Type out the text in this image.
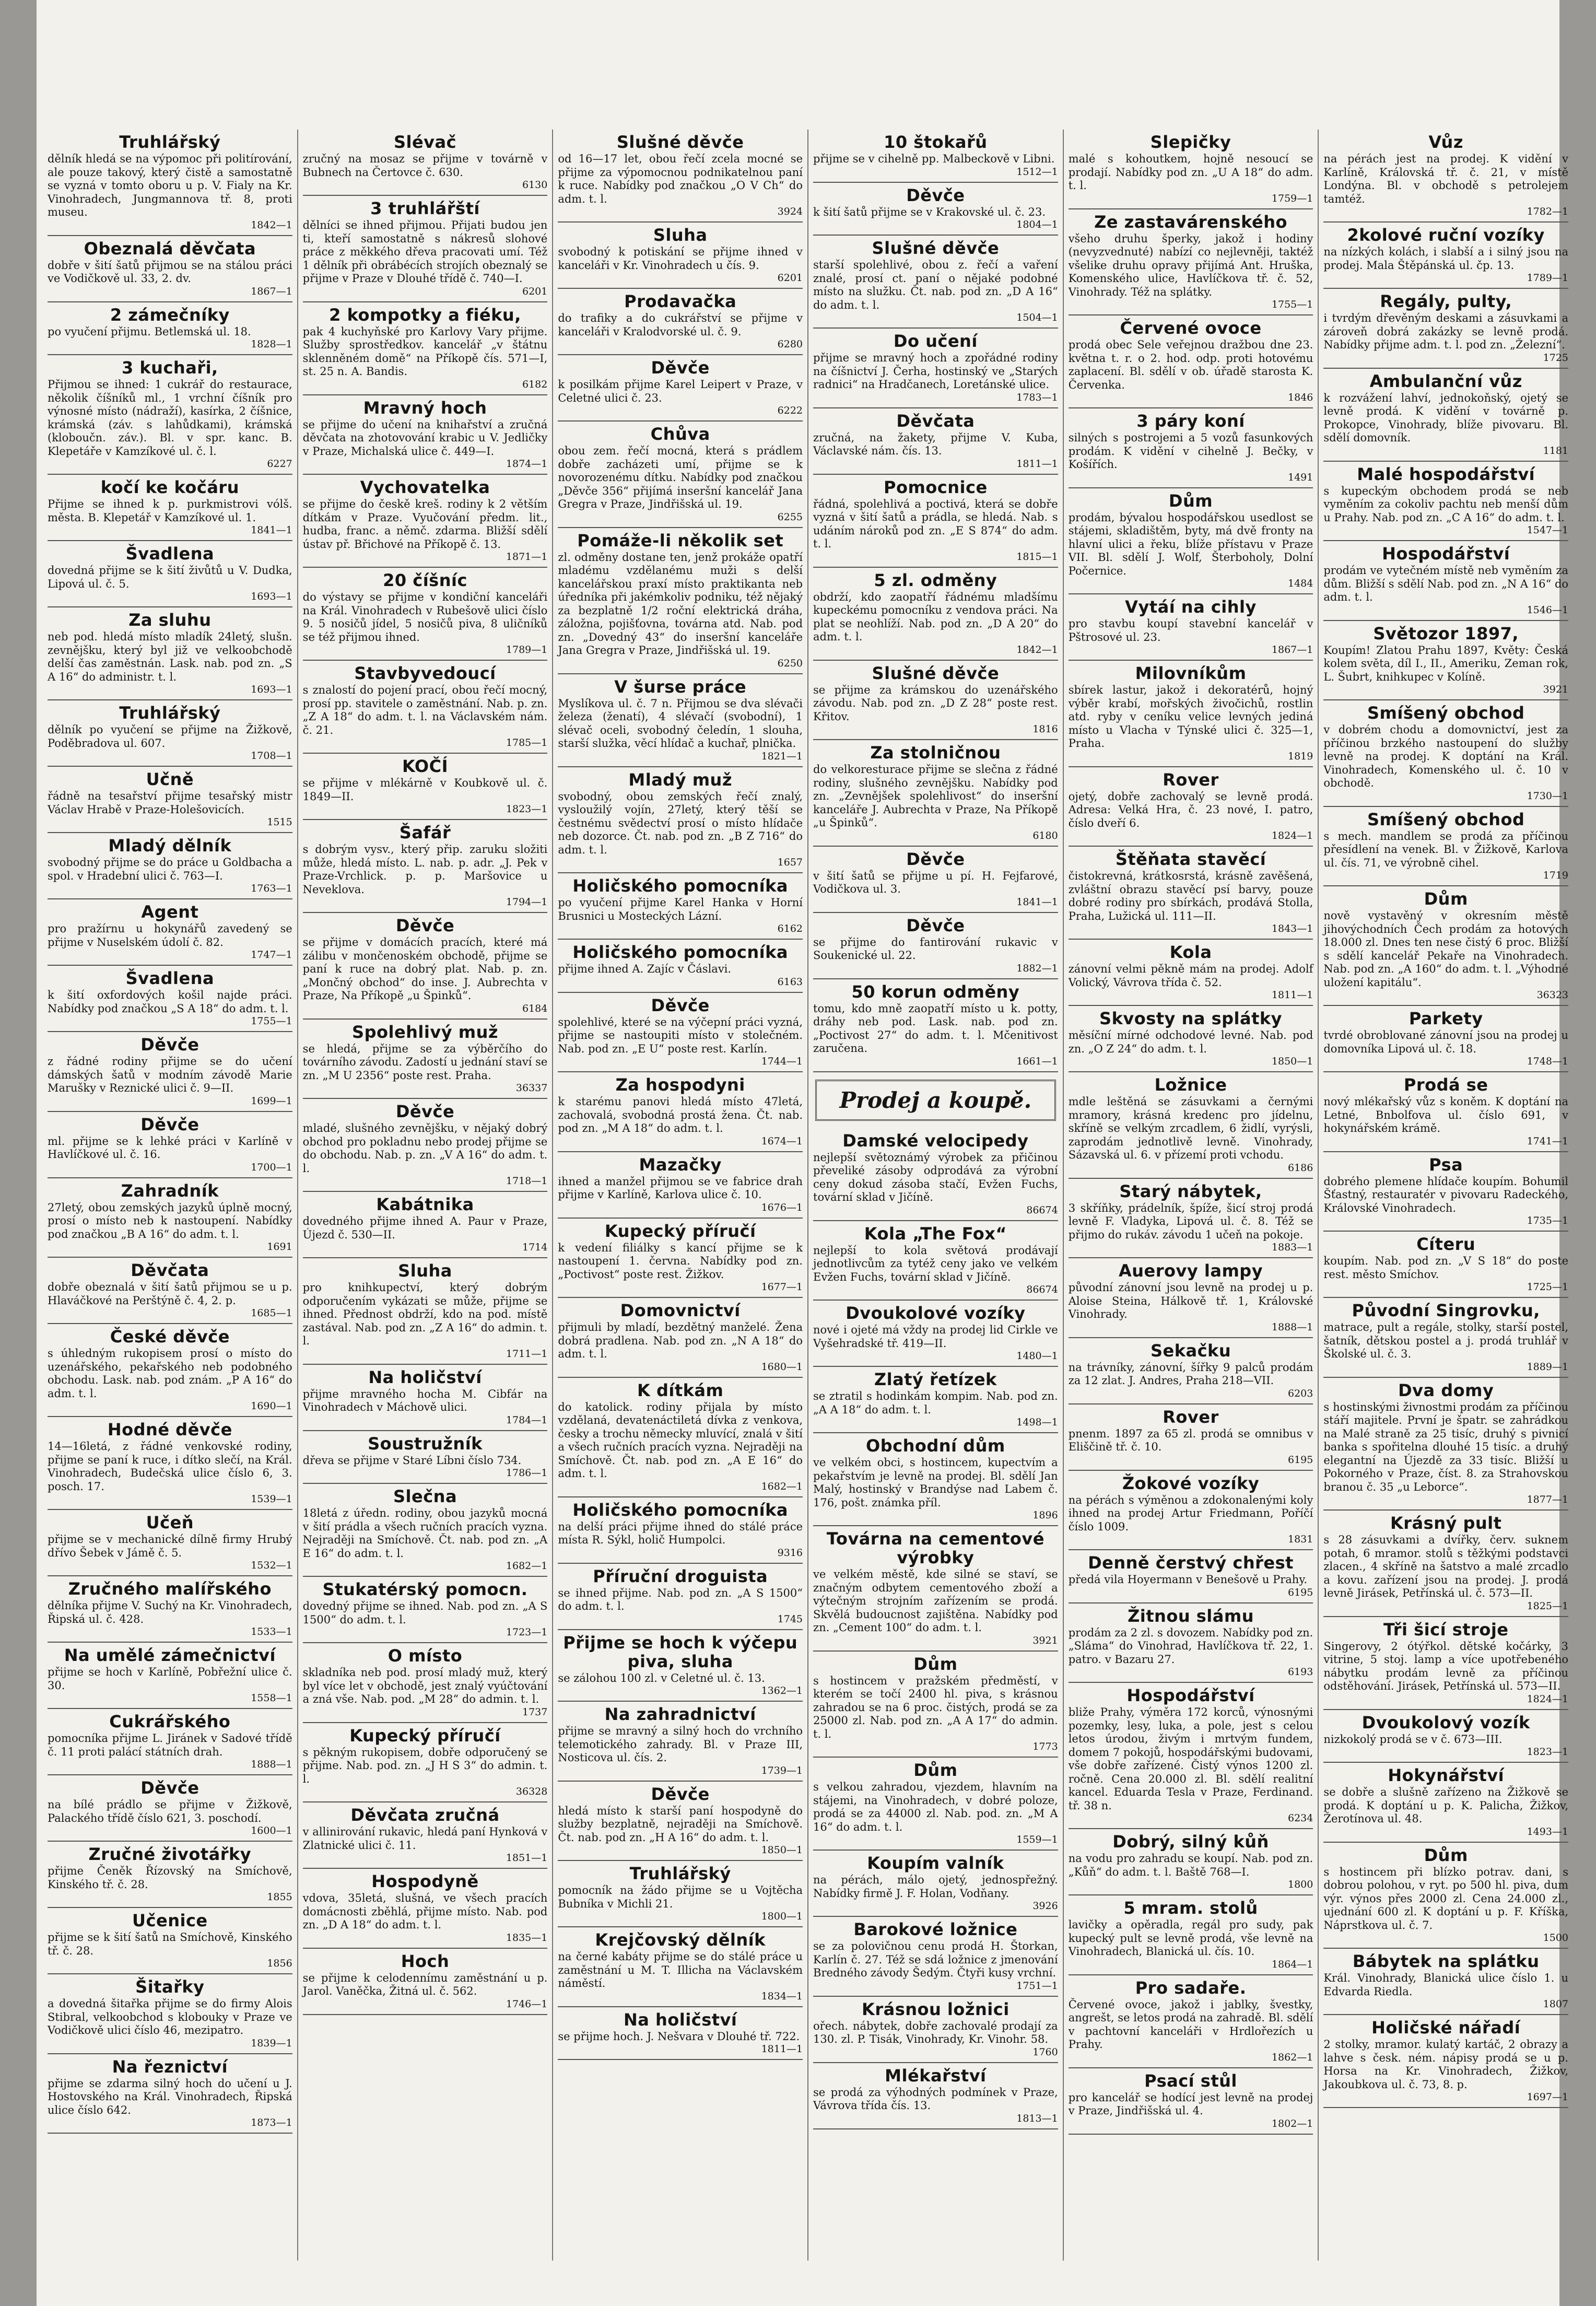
Truhlářský

dělník hledá se na výpomoc při politírování, ale pouze takový, který čistě a samostatně se vyzná v tomto oboru u p. V. Fialy na Kr. Vinohradech, Jungmannova tř. 8, proti museu.

1842—1
Obeznalá děvčata

dobře v šití šatů přijmou se na stálou práci ve Vodičkově ul. 33, 2. dv.

1867—1
2 zámečníky

po vyučení přijmu. Betlemská ul. 18.

1828—1
3 kuchaři,

Přijmou se ihned: 1 cukrář do restaurace, několik číšníků ml., 1 vrchní číšník pro výnosné místo (nádraží), kasírka, 2 číšnice, krámská (záv. s lahůdkami), krámská (kloboučn. záv.). Bl. v spr. kanc. B. Klepetáře v Kamzíkové ul. č. l.

6227
kočí ke kočáru

Přijme se ihned k p. purkmistrovi vólš. města. B. Klepetář v Kamzíkové ul. 1.

1841—1
Švadlena

dovedná přijme se k šití živůtů u V. Dudka, Lipová ul. č. 5.

1693—1
Za sluhu

neb pod. hledá místo mladík 24letý, slušn. zevnějšku, který byl již ve velkoobchodě delší čas zaměstnán. Lask. nab. pod zn. „S A 16“ do administr. t. l.

1693—1
Truhlářský

dělník po vyučení se přijme na Žižkově, Poděbradova ul. 607.

1708—1
Učně

řádně na tesařství přijme tesařský mistr Václav Hrabě v Praze-Holešovicích.

1515
Mladý dělník

svobodný přijme se do práce u Goldbacha a spol. v Hradební ulici č. 763—I.

1763—1
Agent

pro pražírnu u hokynářů zavedený se přijme v Nuselském údolí č. 82.

1747—1
Švadlena

k šití oxfordových košil najde práci. Nabídky pod značkou „S A 18“ do adm. t. l.

1755—1
Děvče

z řádné rodiny přijme se do učení dámských šatů v modním závodě Marie Marušky v Reznické ulici č. 9—II.

1699—1
Děvče

ml. přijme se k lehké práci v Karlíně v Havlíčkové ul. č. 16.

1700—1
Zahradník

27letý, obou zemských jazyků úplně mocný, prosí o místo neb k nastoupení. Nabídky pod značkou „B A 16“ do adm. t. l.

1691
Děvčata

dobře obeznalá v šití šatů přijmou se u p. Hlaváčkové na Perštýně č. 4, 2. p.

1685—1
České děvče

s úhledným rukopisem prosí o místo do uzenářského, pekařského neb podobného obchodu. Lask. nab. pod znám. „P A 16“ do adm. t. l.

1690—1
Hodné děvče

14—16letá, z řádné venkovské rodiny, přijme se paní k ruce, i dítko slečí, na Král. Vinohradech, Budečská ulice číslo 6, 3. posch. 17.

1539—1
Učeň

přijme se v mechanické dílně firmy Hrubý dřívo Šebek v Jámě č. 5.

1532—1
Zručného malířského

dělníka přijme V. Suchý na Kr. Vinohradech, Řipská ul. č. 428.

1533—1
Na umělé zámečnictví

přijme se hoch v Karlíně, Pobřežní ulice č. 30.

1558—1
Cukrářského

pomocníka přijme L. Jiránek v Sadové třídě č. 11 proti palácí státních drah.

1888—1
Děvče

na bílé prádlo se přijme v Žižkově, Palackého třídě číslo 621, 3. poschodí.

1600—1
Zručné životářky

přijme Čeněk Řízovský na Smíchově, Kinského tř. č. 28.

1855
Učenice

přijme se k šití šatů na Smíchově, Kinského tř. č. 28.

1856
Šitařky

a dovedná šitařka přijme se do firmy Alois Stibral, velkoobchod s klobouky v Praze ve Vodičkově ulici číslo 46, mezipatro.

1839—1
Na řeznictví

přijme se zdarma silný hoch do učení u J. Hostovského na Král. Vinohradech, Řipská ulice číslo 642.

1873—1
Slévač

zručný na mosaz se přijme v továrně v Bubnech na Čertovce č. 630.

6130
3 truhlářští

dělníci se ihned přijmou. Přijati budou jen ti, kteří samostatně s nákresů slohové práce z měkkého dřeva pracovati umí. Též 1 dělník při obrábécích strojích obeznalý se přijme v Praze v Dlouhé třídě č. 740—I.

6201
2 kompotky a fiéku,

pak 4 kuchyňské pro Karlovy Vary přijme. Služby sprostředkov. kancelář „v štátnu sklenněném domě“ na Příkopě čís. 571—I, st. 25 n. A. Bandis.

6182
Mravný hoch

se přijme do učení na knihařství a zručná děvčata na zhotovování krabic u V. Jedličky v Praze, Michalská ulice č. 449—I.

1874—1
Vychovatelka

se přijme do českě kreš. rodiny k 2 větším dítkám v Praze. Vyučování předm. lit., hudba, franc. a němč. zdarma. Bližší sdělí ústav př. Břichové na Příkopě č. 13.

1871—1
20 číšníc

do výstavy se přijme v kondiční kanceláři na Král. Vinohradech v Rubešově ulici číslo 9. 5 nosičů jídel, 5 nosičů piva, 8 uličníků se též přijmou ihned.

1789—1
Stavbyvedoucí

s znalostí do pojení prací, obou řečí mocný, prosí pp. stavitele o zaměstnání. Nab. p. zn. „Z A 18“ do adm. t. l. na Václavském nám. č. 21.

1785—1
KOČÍ

se přijme v mlékárně v Koubkově ul. č. 1849—II.

1823—1
Šafář

s dobrým vysv., který přip. zaruku složiti může, hledá místo. L. nab. p. adr. „J. Pek v Praze-Vrchlick. p. p. Maršovice u Neveklova.

1794—1
Děvče

se přijme v domácích pracích, které má zálibu v mončenoském obchodě, přijme se paní k ruce na dobrý plat. Nab. p. zn. „Mončný obchod“ do inse. J. Aubrechta v Praze, Na Příkopě „u Špinků“.

6184
Spolehlivý muž

se hledá, přijme se za výběrčího do továrního závodu. Zadostí u jednání staví se zn. „M U 2356“ poste rest. Praha.

36337
Děvče

mladé, slušného zevnějšku, v nějaký dobrý obchod pro pokladnu nebo prodej přijme se do obchodu. Nab. p. zn. „V A 16“ do adm. t. l.

1718—1
Kabátnika

dovedného přijme ihned A. Paur v Praze, Újezd č. 530—II.

1714
Sluha

pro knihkupectví, který dobrým odporučením vykázati se může, přijme se ihned. Přednost obdrží, kdo na pod. místě zastával. Nab. pod zn. „Z A 16“ do admin. t. l.

1711—1
Na holičství

přijme mravného hocha M. Cibfár na Vinohradech v Máchově ulici.

1784—1
Soustružník

dřeva se přijme v Staré Líbni číslo 734.

1786—1
Slečna

18letá z úředn. rodiny, obou jazyků mocná v šití prádla a všech ručních pracích vyzna. Nejraději na Smíchově. Čt. nab. pod zn. „A E 16“ do adm. t. l.

1682—1
Stukatérský pomocn.

dovedný přijme se ihned. Nab. pod zn. „A S 1500“ do adm. t. l.

1723—1
O místo

skladníka neb pod. prosí mladý muž, který byl více let v obchodě, jest znalý vyúčtování a zná vše. Nab. pod. „M 28“ do admin. t. l.

1737
Kupecký příručí

s pěkným rukopisem, dobře odporučený se přijme. Nab. pod. zn. „J H S 3“ do admin. t. l.

36328
Děvčata zručná

v allinirování rukavic, hledá paní Hynková v Zlatnické ulici č. 11.

1851—1
Hospodyně

vdova, 35letá, slušná, ve všech pracích domácnosti zběhlá, přijme místo. Nab. pod zn. „D A 18“ do adm. t. l.

1835—1
Hoch

se přijme k celodennímu zaměstnání u p. Jarol. Vaněčka, Žitná ul. č. 562.

1746—1
Slušné děvče

od 16—17 let, obou řečí zcela mocné se přijme za výpomocnou podnikatelnou paní k ruce. Nabídky pod značkou „O V Ch“ do adm. t. l.

3924
Sluha

svobodný k potiskání se přijme ihned v kanceláři v Kr. Vinohradech u čís. 9.

6201
Prodavačka

do trafiky a do cukrářství se přijme v kanceláři v Kralodvorské ul. č. 9.

6280
Děvče

k posilkám přijme Karel Leipert v Praze, v Celetné ulici č. 23.

6222
Chůva

obou zem. řečí mocná, která s prádlem dobře zacházeti umí, přijme se k novorozenému dítku. Nabídky pod značkou „Děvče 356“ přijímá inseršní kancelář Jana Gregra v Praze, Jindřišská ul. 19.

6255
Pomáže-li několik set

zl. odměny dostane ten, jenž prokáže opatří mladému vzdělanému muži s delší kancelářskou praxí místo praktikanta neb úředníka při jakémkoliv podniku, též nějaký za bezplatně 1/2 roční elektrická dráha, záložna, pojišťovna, továrna atd. Nab. pod zn. „Dovedný 43“ do inseršní kanceláře Jana Gregra v Praze, Jindřišská ul. 19.

6250
V šurse práce

Myslíkova ul. č. 7 n. Přijmou se dva slévači železa (ženatí), 4 slévačí (svobodní), 1 slévač oceli, svobodný čeledín, 1 slouha, starší služka, věcí hlídač a kuchař, plnička.

1821—1
Mladý muž

svobodný, obou zemských řečí znalý, vysloužilý vojín, 27letý, který těší se čestnému svědectví prosí o místo hlídače neb dozorce. Čt. nab. pod zn. „B Z 716“ do adm. t. l.

1657
Holičského pomocníka

po vyučení přijme Karel Hanka v Horní Brusnici u Mosteckých Lázní.

6162
Holičského pomocníka

přijme ihned A. Zajíc v Čáslavi.

6163
Děvče

spolehlivé, které se na výčepní práci vyzná, přijme se nastoupiti místo v stolečném. Nab. pod zn. „E U“ poste rest. Karlín.

1744—1
Za hospodyni

k starému panovi hledá místo 47letá, zachovalá, svobodná prostá žena. Čt. nab. pod zn. „M A 18“ do adm. t. l.

1674—1
Mazačky

ihned a manžel přijmou se ve fabrice drah přijme v Karlíně, Karlova ulice č. 10.

1676—1
Kupecký příručí

k vedení filiálky s kancí přijme se k nastoupení 1. června. Nabídky pod zn. „Poctivost“ poste rest. Žižkov.

1677—1
Domovnictví

přijmuli by mladí, bezdětný manželé. Žena dobrá pradlena. Nab. pod zn. „N A 18“ do adm. t. l.

1680—1
K dítkám

do katolick. rodiny přijala by místo vzdělaná, devatenáctiletá dívka z venkova, česky a trochu německy mluvící, znalá v šití a všech ručních pracích vyzna. Nejraději na Smíchově. Čt. nab. pod zn. „A E 16“ do adm. t. l.

1682—1
Holičského pomocníka

na delší práci přijme ihned do stálé práce místa R. Sýkl, holič Humpolci.

9316
Příruční droguista

se ihned přijme. Nab. pod zn. „A S 1500“ do adm. t. l.

1745
Přijme se hoch k výčepu piva, sluha

se zálohou 100 zl. v Celetné ul. č. 13.

1362—1
Na zahradnictví

přijme se mravný a silný hoch do vrchního telemotického zahrady. Bl. v Praze III, Nosticova ul. čís. 2.

1739—1
Děvče

hledá místo k starší paní hospodyně do služby bezplatně, nejraději na Smíchově. Čt. nab. pod zn. „H A 16“ do adm. t. l.

1850—1
Truhlářský

pomocník na žádo přijme se u Vojtěcha Bubníka v Michli 21.

1800—1
Krejčovský dělník

na černé kabáty přijme se do stálé práce u zaměstnání u M. T. Illicha na Václavském náměstí.

1834—1
Na holičství

se přijme hoch. J. Nešvara v Dlouhé tř. 722.

1811—1
10 štokařů

přijme se v cihelně pp. Malbeckově v Libni.

1512—1
Děvče

k šití šatů přijme se v Krakovské ul. č. 23.

1804—1
Slušné děvče

starší spolehlivé, obou z. řečí a vaření znalé, prosí ct. paní o nějaké podobné místo na služku. Čt. nab. pod zn. „D A 16“ do adm. t. l.

1504—1
Do učení

přijme se mravný hoch a zpořádné rodiny na číšnictví J. Čerha, hostinský ve „Starých radnici“ na Hradčanech, Loretánské ulice.

1783—1
Děvčata

zručná, na žakety, přijme V. Kuba, Václavské nám. čís. 13.

1811—1
Pomocnice

řádná, spolehlivá a poctivá, která se dobře vyzná v šití šatů a prádla, se hledá. Nab. s udáním nároků pod zn. „E S 874“ do adm. t. l.

1815—1
5 zl. odměny

obdrží, kdo zaopatří řádnému mladšímu kupeckému pomocníku z vendova práci. Na plat se neohlíží. Nab. pod zn. „D A 20“ do adm. t. l.

1842—1
Slušné děvče

se přijme za krámskou do uzenářského závodu. Nab. pod zn. „D Z 28“ poste rest. Křitov.

1816
Za stolničnou

do velkoresturace přijme se slečna z řádné rodiny, slušného zevnějšku. Nabídky pod zn. „Zevnějšek spolehlivost“ do inseršní kanceláře J. Aubrechta v Praze, Na Příkopě „u Špinků“.

6180
Děvče

v šití šatů se přijme u pí. H. Fejfarové, Vodičkova ul. 3.

1841—1
Děvče

se přijme do fantirování rukavic v Soukenické ul. 22.

1882—1
50 korun odměny

tomu, kdo mně zaopatří místo u k. potty, dráhy neb pod. Lask. nab. pod zn. „Poctivost 27“ do adm. t. l. Mčenitivost zaručena.

1661—1
Prodej a koupě.
Damské velocipedy

nejlepší světoznámý výrobek za přičinou převeliké zásoby odprodává za výrobní ceny dokud zásoba stačí, Evžen Fuchs, tovární sklad v Jičíně.

86674
Kola „The Fox“

nejlepší to kola světová prodávají jednotlivcům za tytéž ceny jako ve velkém Evžen Fuchs, tovární sklad v Jičíně.

86674
Dvoukolové vozíky

nové i ojeté má vždy na prodej lid Cirkle ve Vyšehradské tř. 419—II.

1480—1
Zlatý řetízek

se ztratil s hodinkám kompim. Nab. pod zn. „A A 18“ do adm. t. l.

1498—1
Obchodní dům

ve velkém obci, s hostincem, kupectvím a pekařstvím je levně na prodej. Bl. sdělí Jan Malý, hostinský v Brandýse nad Labem č. 176, pošt. známka příl.

1896
Továrna na cementové výrobky

ve velkém městě, kde silné se staví, se značným odbytem cementového zboží a výtečným strojním zařízením se prodá. Skvělá budoucnost zajištěna. Nabídky pod zn. „Cement 100“ do adm. t. l.

3921
Dům

s hostincem v pražském předměstí, v kterém se točí 2400 hl. piva, s krásnou zahradou se na 6 proc. čistých, prodá se za 25000 zl. Nab. pod zn. „A A 17“ do admin. t. l.

1773
Dům

s velkou zahradou, vjezdem, hlavním na stájemi, na Vinohradech, v dobré poloze, prodá se za 44000 zl. Nab. pod. zn. „M A 16“ do adm. t. l.

1559—1
Koupím valník

na pérách, málo ojetý, jednospřežný. Nabídky firmě J. F. Holan, Vodňany.

3926
Barokové ložnice

se za polovičnou cenu prodá H. Štorkan, Karlín č. 27. Též se sdá ložnice z jmenování Bredného závody Šedým. Čtyři kusy vrchní.

1751—1
Krásnou ložnici

ořech. nábytek, dobře zachovalé prodají za 130. zl. P. Tisák, Vinohrady, Kr. Vinohr. 58.

1760
Mlékařství

se prodá za výhodných podmínek v Praze, Vávrova třída čís. 13.

1813—1
Slepičky

malé s kohoutkem, hojně nesoucí se prodají. Nabídky pod zn. „U A 18“ do adm. t. l.

1759—1
Ze zastavárenského

všeho druhu šperky, jakož i hodiny (nevyzvednuté) nabízí co nejlevněji, taktéž všelike druhu opravy přijímá Ant. Hruška, Komenského ulice, Havlíčkova tř. č. 52, Vinohrady. Též na splátky.

1755—1
Červené ovoce

prodá obec Sele veřejnou dražbou dne 23. května t. r. o 2. hod. odp. proti hotovému zaplacení. Bl. sdělí v ob. úřadě starosta K. Červenka.

1846
3 páry koní

silných s postrojemi a 5 vozů fasunkových prodám. K vidění v cihelně J. Bečky, v Košířích.

1491
Dům

prodám, bývalou hospodářskou usedlost se stájemi, skladištěm, byty, má dvě fronty na hlavní ulici a řeku, blíže přístavu v Praze VII. Bl. sdělí J. Wolf, Šterboholy, Dolní Počernice.

1484
Vytáí na cihly

pro stavbu koupí stavební kancelář v Pštrosové ul. 23.

1867—1
Milovníkům

sbírek lastur, jakož i dekoratérů, hojný výběr krabí, mořských živočichů, rostlin atd. ryby v ceníku velice levných jediná místo u Vlacha v Týnské ulici č. 325—1, Praha.

1819
Rover

ojetý, dobře zachovalý se levně prodá. Adresa: Velká Hra, č. 23 nové, I. patro, číslo dveří 6.

1824—1
Štěňata stavěcí

čistokrevná, krátkosrstá, krásně zavěšená, zvláštní obrazu stavěcí psí barvy, pouze dobré rodiny pro sbírkách, prodává Stolla, Praha, Lužická ul. 111—II.

1843—1
Kola

zánovní velmi pěkně mám na prodej. Adolf Volický, Vávrova třída č. 52.

1811—1
Skvosty na splátky

měsíční mírné odchodové levné. Nab. pod zn. „O Z 24“ do adm. t. l.

1850—1
Ložnice

mdle leštěná se zásuvkami a černými mramory, krásná kredenc pro jídelnu, skříně se velkým zrcadlem, 6 židlí, vyrýsli, zaprodám jednotlivě levně. Vinohrady, Sázavská ul. 6. v přízemí proti vchodu.

6186
Starý nábytek,

3 skříňky, prádelník, špíže, šicí stroj prodá levně F. Vladyka, Lipová ul. č. 8. Též se přijmo do rukáv. závodu 1 učeň na pokoje.

1883—1
Auerovy lampy

původní zánovní jsou levně na prodej u p. Aloise Steina, Hálkově tř. 1, Královské Vinohrady.

1888—1
Sekačku

na trávníky, zánovní, šířky 9 palců prodám za 12 zlat. J. Andres, Praha 218—VII.

6203
Rover

pnenm. 1897 za 65 zl. prodá se omnibus v Eliščině tř. č. 10.

6195
Žokové vozíky

na pérách s výměnou a zdokonalenými koly ihned na prodej Artur Friedmann, Poříčí číslo 1009.

1831
Denně čerstvý chřest

předá vila Hoyermann v Benešově u Prahy.

6195
Žitnou slámu

prodám za 2 zl. s dovozem. Nabídky pod zn. „Sláma“ do Vinohrad, Havlíčkova tř. 22, 1. patro. v Bazaru 27.

6193
Hospodářství

bliže Prahy, výměra 172 korců, výnosnými pozemky, lesy, luka, a pole, jest s celou letos úrodou, živým i mrtvým fundem, domem 7 pokojů, hospodářskými budovami, vše dobře zařízené. Čistý výnos 1200 zl. ročně. Cena 20.000 zl. Bl. sdělí realitní kancel. Eduarda Tesla v Praze, Ferdinand. tř. 38 n.

6234
Dobrý, silný kůň

na vodu pro zahradu se koupí. Nab. pod zn. „Kůň“ do adm. t. l. Baště 768—I.

1800
5 mram. stolů

lavičky a opěradla, regál pro sudy, pak kupecký pult se levně prodá, vše levně na Vinohradech, Blanická ul. čís. 10.

1864—1
Pro sadaře.

Červené ovoce, jakož i jablky, švestky, angrešt, se letos prodá na zahradě. Bl. sdělí v pachtovní kanceláři v Hrdlořezích u Prahy.

1862—1
Psací stůl

pro kancelář se hodící jest levně na prodej v Praze, Jindřišská ul. 4.

1802—1
Vůz

na pérách jest na prodej. K vidění v Karlíně, Královská tř. č. 21, v místě Londýna. Bl. v obchodě s petrolejem tamtéž.

1782—1
2kolové ruční vozíky

na nízkých kolách, i slabší a i silný jsou na prodej. Mala Štěpánská ul. čp. 13.

1789—1
Regály, pulty,

i tvrdým dřevěným deskami a zásuvkami a zároveň dobrá zakázky se levně prodá. Nabídky přijme adm. t. l. pod zn. „Železní“.

1725
Ambulanční vůz

k rozvážení lahví, jednokoňský, ojetý se levně prodá. K vidění v továrně p. Prokopce, Vinohrady, blíže pivovaru. Bl. sdělí domovník.

1181
Malé hospodářství

s kupeckým obchodem prodá se neb vyměním za cokoliv pachtu neb menší dům u Prahy. Nab. pod zn. „C A 16“ do adm. t. l.

1547—1
Hospodářství

prodám ve vytečném místě neb vyměním za dům. Bližší s sdělí Nab. pod zn. „N A 16“ do adm. t. l.

1546—1
Světozor 1897,

Koupím! Zlatou Prahu 1897, Květy: Česká kolem světa, díl I., II., Ameriku, Zeman rok, L. Šubrt, knihkupec v Kolíně.

3921
Smíšený obchod

v dobrém chodu a domovnictví, jest za příčinou brzkého nastoupení do služby levně na prodej. K doptání na Král. Vinohradech, Komenského ul. č. 10 v obchodě.

1730—1
Smíšený obchod

s mech. mandlem se prodá za příčinou přesídlení na venek. Bl. v Žižkově, Karlova ul. čís. 71, ve výrobně cihel.

1719
Dům

nově vystavěný v okresním městě jihovýchodních Čech prodám za hotových 18.000 zl. Dnes ten nese čistý 6 proc. Bližší s sdělí kancelář Pekaře na Vinohradech. Nab. pod zn. „A 160“ do adm. t. l. „Výhodné uložení kapitálu“.

36323
Parkety

tvrdé obroblované zánovní jsou na prodej u domovníka Lipová ul. č. 18.

1748—1
Prodá se

nový mlékařský vůz s koněm. K doptání na Letné, Bnbolfova ul. číslo 691, v hokynářském krámě.

1741—1
Psa

dobrého plemene hlídače koupím. Bohumil Šťastný, restauratér v pivovaru Radeckého, Královské Vinohradech.

1735—1
Cíteru

koupím. Nab. pod zn. „V S 18“ do poste rest. město Smíchov.

1725—1
Původní Singrovku,

matrace, pult a regále, stolky, starší postel, šatník, dětskou postel a j. prodá truhlář v Školské ul. č. 3.

1889—1
Dva domy

s hostinskými živnostmi prodám za příčinou stáří majitele. První je špatr. se zahrádkou na Malé straně za 25 tisíc, druhý s pivnicí banka s spořitelna dlouhé 15 tisíc. a druhý elegantní na Újezdě za 33 tisíc. Bližší u Pokorného v Praze, číst. 8. za Strahovskou branou č. 35 „u Leborce“.

1877—1
Krásný pult

s 28 zásuvkami a dvířky, červ. suknem potah, 6 mramor. stolů s těžkými podstavci zlacen., 4 skříně na šatstvo a malé zrcadlo a kovu. zařízení jsou na prodej. J. prodá levně Jirásek, Petřínská ul. č. 573—II.

1825—1
Tři šicí stroje

Singerovy, 2 ótýřkol. dětské kočárky, 3 vitrine, 5 stoj. lamp a více upotřebeného nábytku prodám levně za příčinou odstěhování. Jirásek, Petřínská ul. 573—II.

1824—1
Dvoukolový vozík

nizkokolý prodá se v č. 673—III.

1823—1
Hokynářství

se dobře a slušně zařízeno na Žižkově se prodá. K doptání u p. K. Palicha, Žižkov, Žerotínova ul. 48.

1493—1
Dům

s hostincem při blízko potrav. dani, s dobrou polohou, v ryt. po 500 hl. piva, dum výr. výnos přes 2000 zl. Cena 24.000 zl., ujednání 600 zl. K doptání u p. F. Kříška, Náprstkova ul. č. 7.

1500
Bábytek na splátku

Král. Vinohrady, Blanická ulice číslo 1. u Edvarda Riedla.

1807
Holičské nářadí

2 stolky, mramor. kulatý kartáč, 2 obrazy a lahve s česk. ném. nápisy prodá se u p. Horsa na Kr. Vinohradech, Žižkov, Jakoubkova ul. č. 73, 8. p.

1697—1
